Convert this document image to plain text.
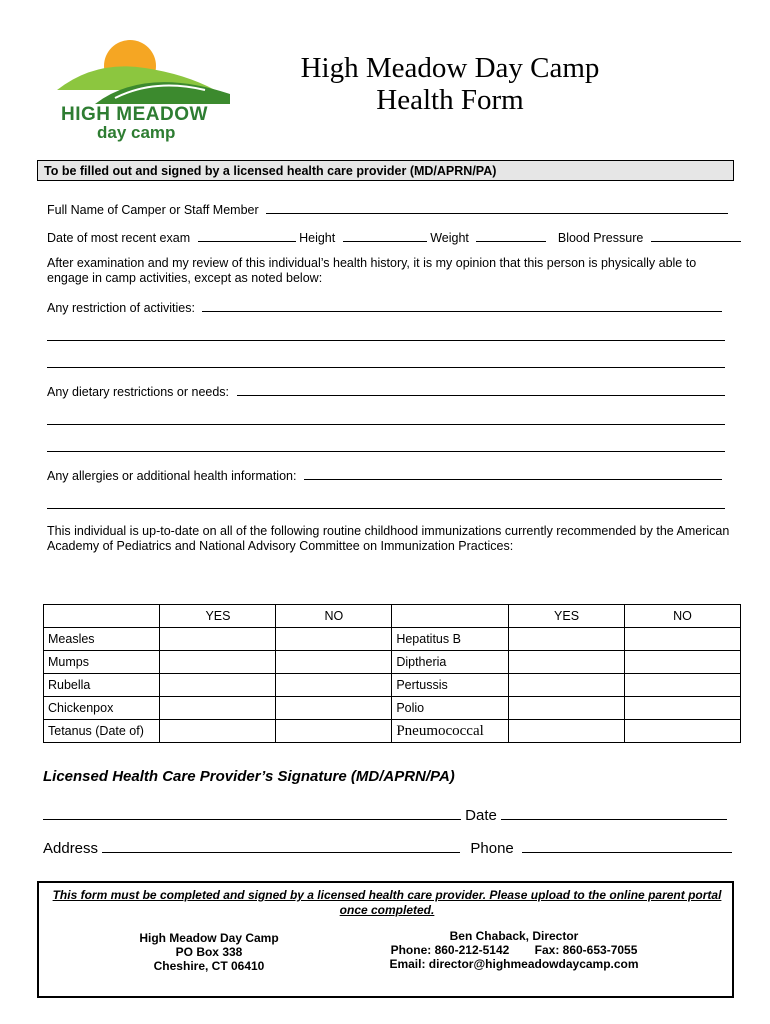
HIGH MEADOW
day camp
High Meadow Day Camp
Health Form
To be filled out and signed by a licensed health care provider (MD/APRN/PA)
Full Name of Camper or Staff Member
Date of most recent exam	Height	Weight	Blood Pressure
After examination and my review of this individual’s health history, it is my opinion that this person is physically able to engage in camp activities, except as noted below:
Any restriction of activities:
Any dietary restrictions or needs:
Any allergies or additional health information:
This individual is up-to-date on all of the following routine childhood immunizations currently recommended by the American Academy of Pediatrics and National Advisory Committee on Immunization Practices:
	YES	NO		YES	NO
Measles			Hepatitus B		
Mumps			Diptheria		
Rubella			Pertussis		
Chickenpox			Polio		
Tetanus (Date of)			Pneumococcal		
Licensed Health Care Provider’s Signature (MD/APRN/PA)
Date
Address	Phone
This form must be completed and signed by a licensed health care provider. Please upload to the online parent portal once completed.
High Meadow Day Camp
PO Box 338
Cheshire, CT 06410
Ben Chaback, Director
Phone: 860-212-5142 Fax: 860-653-7055
Email: director@highmeadowdaycamp.com
